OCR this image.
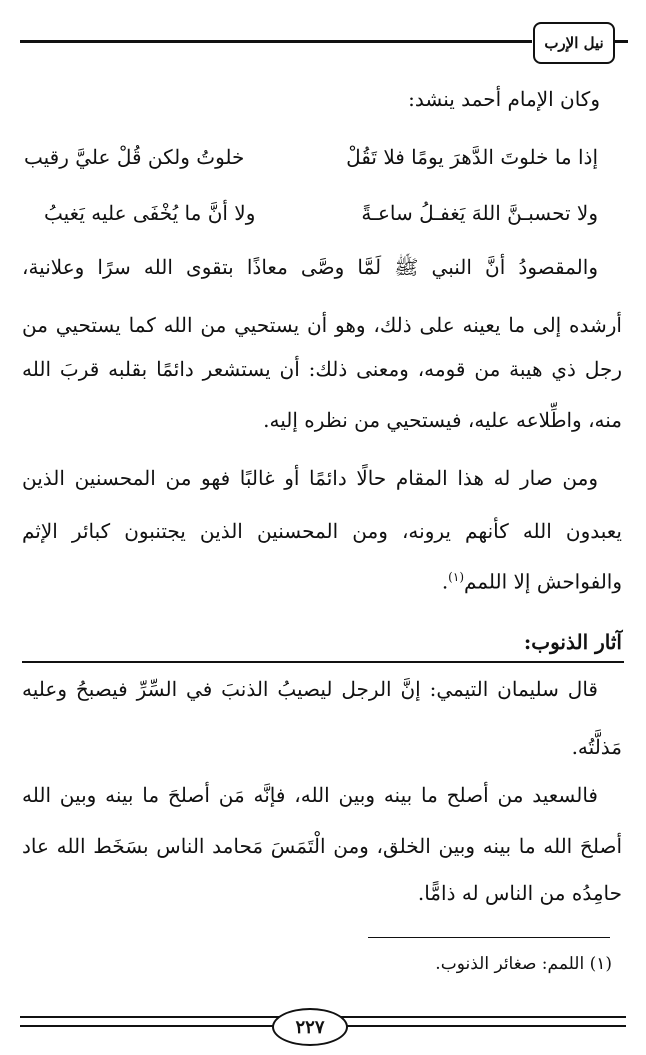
نيل الإرب
وكان الإمام أحمد ينشد:
إذا ما خلوتَ الدَّهرَ يومًا فلا تَقُلْ
خلوتُ ولكن قُلْ عليَّ رقيب
ولا تحسبـنَّ اللهَ يَغفـلُ ساعـةً
ولا أنَّ ما يُخْفَى عليه يَغيبُ
والمقصودُ أنَّ النبي ﷺ لَمَّا وصَّى معاذًا بتقوى الله سرًا وعلانية،
أرشده إلى ما يعينه على ذلك، وهو أن يستحيي من الله كما يستحيي من
رجل ذي هيبة من قومه، ومعنى ذلك: أن يستشعر دائمًا بقلبه قربَ الله
منه، واطِّلاعه عليه، فيستحيي من نظره إليه.
ومن صار له هذا المقام حالًا دائمًا أو غالبًا فهو من المحسنين الذين
يعبدون الله كأنهم يرونه، ومن المحسنين الذين يجتنبون كبائر الإثم
والفواحش إلا اللمم$^{(١)}$.
آثار الذنوب:
قال سليمان التيمي: إنَّ الرجل ليصيبُ الذنبَ في السِّرِّ فيصبحُ وعليه
مَذلَّتُه.
فالسعيد من أصلح ما بينه وبين الله، فإنَّه مَن أصلحَ ما بينه وبين الله
أصلحَ الله ما بينه وبين الخلق، ومن الْتَمَسَ مَحامد الناس بسَخَط الله عاد
حامِدُه من الناس له ذامًّا.
(١) اللمم: صغائر الذنوب.
٢٢٧
